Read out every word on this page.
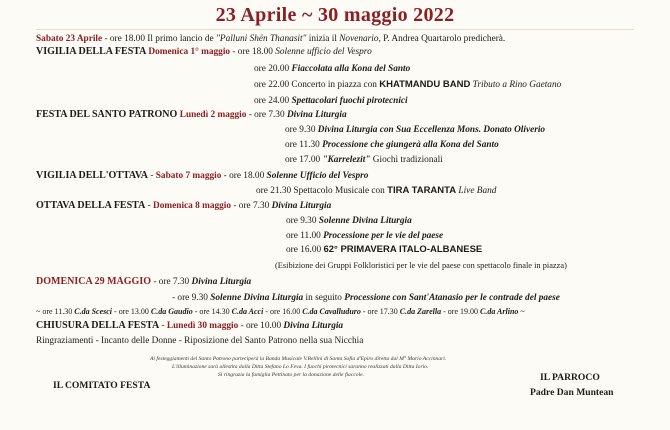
23 Aprile ~ 30 maggio 2022
Sabato 23 Aprile - ore 18.00 Il primo lancio de "Palluni Shën Thanasit" inizia il Novenario, P. Andrea Quartarolo predicherà.
VIGILIA DELLA FESTA Domenica 1° maggio - ore 18.00 Solenne ufficio del Vespro
ore 20.00 Fiaccolata alla Kona del Santo
ore 22.00 Concerto in piazza con KHATMANDU BAND Tributo a Rino Gaetano
ore 24.00 Spettacolari fuochi pirotecnici
FESTA DEL SANTO PATRONO Lunedì 2 maggio - ore 7.30 Divina Liturgia
ore 9.30 Divina Liturgia con Sua Eccellenza Mons. Donato Oliverio
ore 11.30 Processione che giungerà alla Kona del Santo
ore 17.00 "Karrelezit" Giochi tradizionali
VIGILIA DELL'OTTAVA - Sabato 7 maggio - ore 18.00 Solenne Ufficio del Vespro
ore 21.30 Spettacolo Musicale con TIRA TARANTA Live Band
OTTAVA DELLA FESTA - Domenica 8 maggio - ore 7.30 Divina Liturgia
ore 9.30 Solenne Divina Liturgia
ore 11.00 Processione per le vie del paese
ore 16.00 62° PRIMAVERA ITALO-ALBANESE
(Esibizione dei Gruppi Folkloristici per le vie del paese con spettacolo finale in piazza)
DOMENICA 29 MAGGIO - ore 7.30 Divina Liturgia
- ore 9.30 Solenne Divina Liturgia in seguito Processione con Sant'Atanasio per le contrade del paese
~ ore 11.30 C.da Scesci - ore 13.00 C.da Gaudio - ore 14.30 C.da Acci - ore 16.00 C.da Cavalluduro - ore 17.30 C.da Zarella - ore 19.00 C.da Arlino ~
CHIUSURA DELLA FESTA - Lunedì 30 maggio - ore 10.00 Divina Liturgia
Ringraziamenti - Incanto delle Donne - Riposizione del Santo Patrono nella sua Nicchia
Ai festeggiamenti del Santo Patrono parteciperà la Banda Musicale V.Bellini di Santa Sofia d'Epiro diretta dal M° Mario Accinnari.
L'illuminazione sarà allestita dalla Ditta Stefano Lo Feva. I fuochi pirotecnici saranno realizzati dalla Ditta Iorio.
Si ringrazia la famiglia Pettinato per la donazione delle fiaccole.
IL COMITATO FESTA
IL PARROCO
Padre Dan Muntean
